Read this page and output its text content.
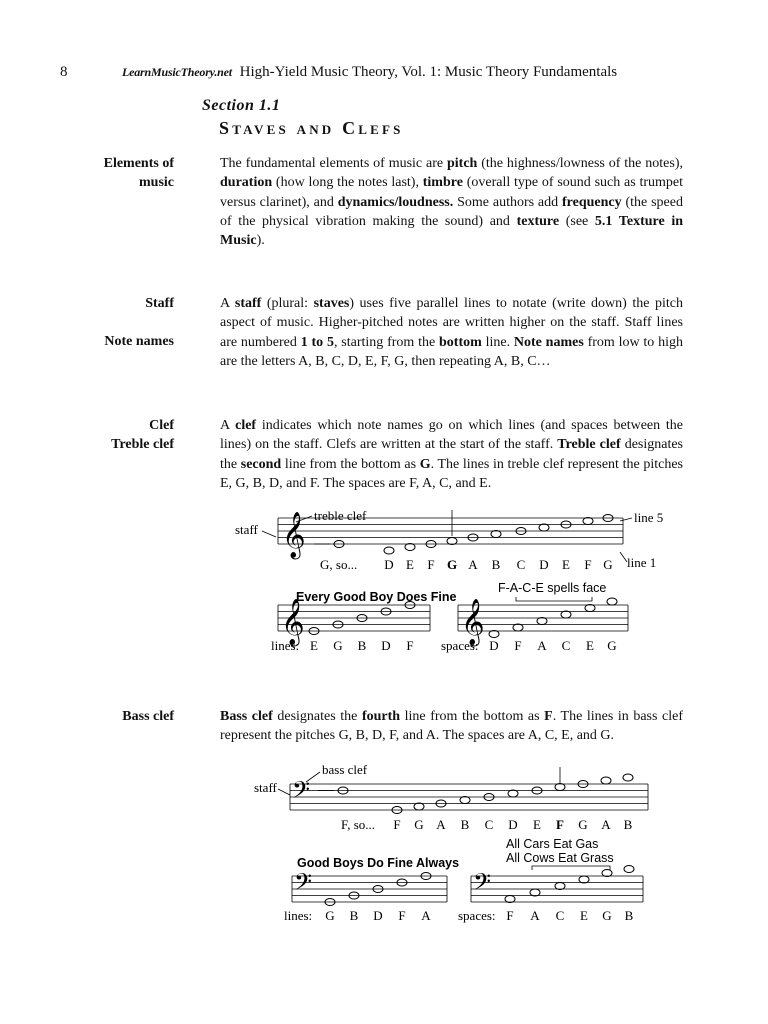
8	LearnMusicTheory.net High-Yield Music Theory, Vol. 1: Music Theory Fundamentals
Section 1.1
Staves and Clefs
Elements of
music
Staff
Note names
Clef
Treble clef
Bass clef
The fundamental elements of music are pitch (the highness/lowness of the notes), duration (how long the notes last), timbre (overall type of sound such as trumpet versus clarinet), and dynamics/loudness. Some authors add frequency (the speed of the physical vibration making the sound) and texture (see 5.1 Texture in Music).
A staff (plural: staves) uses five parallel lines to notate (write down) the pitch aspect of music. Higher-pitched notes are written higher on the staff. Staff lines are numbered 1 to 5, starting from the bottom line. Note names from low to high are the letters A, B, C, D, E, F, G, then repeating A, B, C…
A clef indicates which note names go on which lines (and spaces between the lines) on the staff. Clefs are written at the start of the staff. Treble clef designates the second line from the bottom as G. The lines in treble clef represent the pitches E, G, B, D, and F. The spaces are F, A, C, and E.
Bass clef designates the fourth line from the bottom as F. The lines in bass clef represent the pitches G, B, D, F, and A. The spaces are A, C, E, and G.
𝄞
staff
treble clef	line 5
line 1
G, so... D E F G A B C D E F G
𝄞
Every Good Boy Does Fine
lines: E G B D F
𝄞
F-A-C-E spells face
spaces: D F A C E G
𝄢
staff
bass clef
F, so... F G A B C D E F G A B
𝄢
Good Boys Do Fine Always
lines: G B D F A
𝄢
All Cars Eat Gas
All Cows Eat Grass
spaces: F A C E G B
